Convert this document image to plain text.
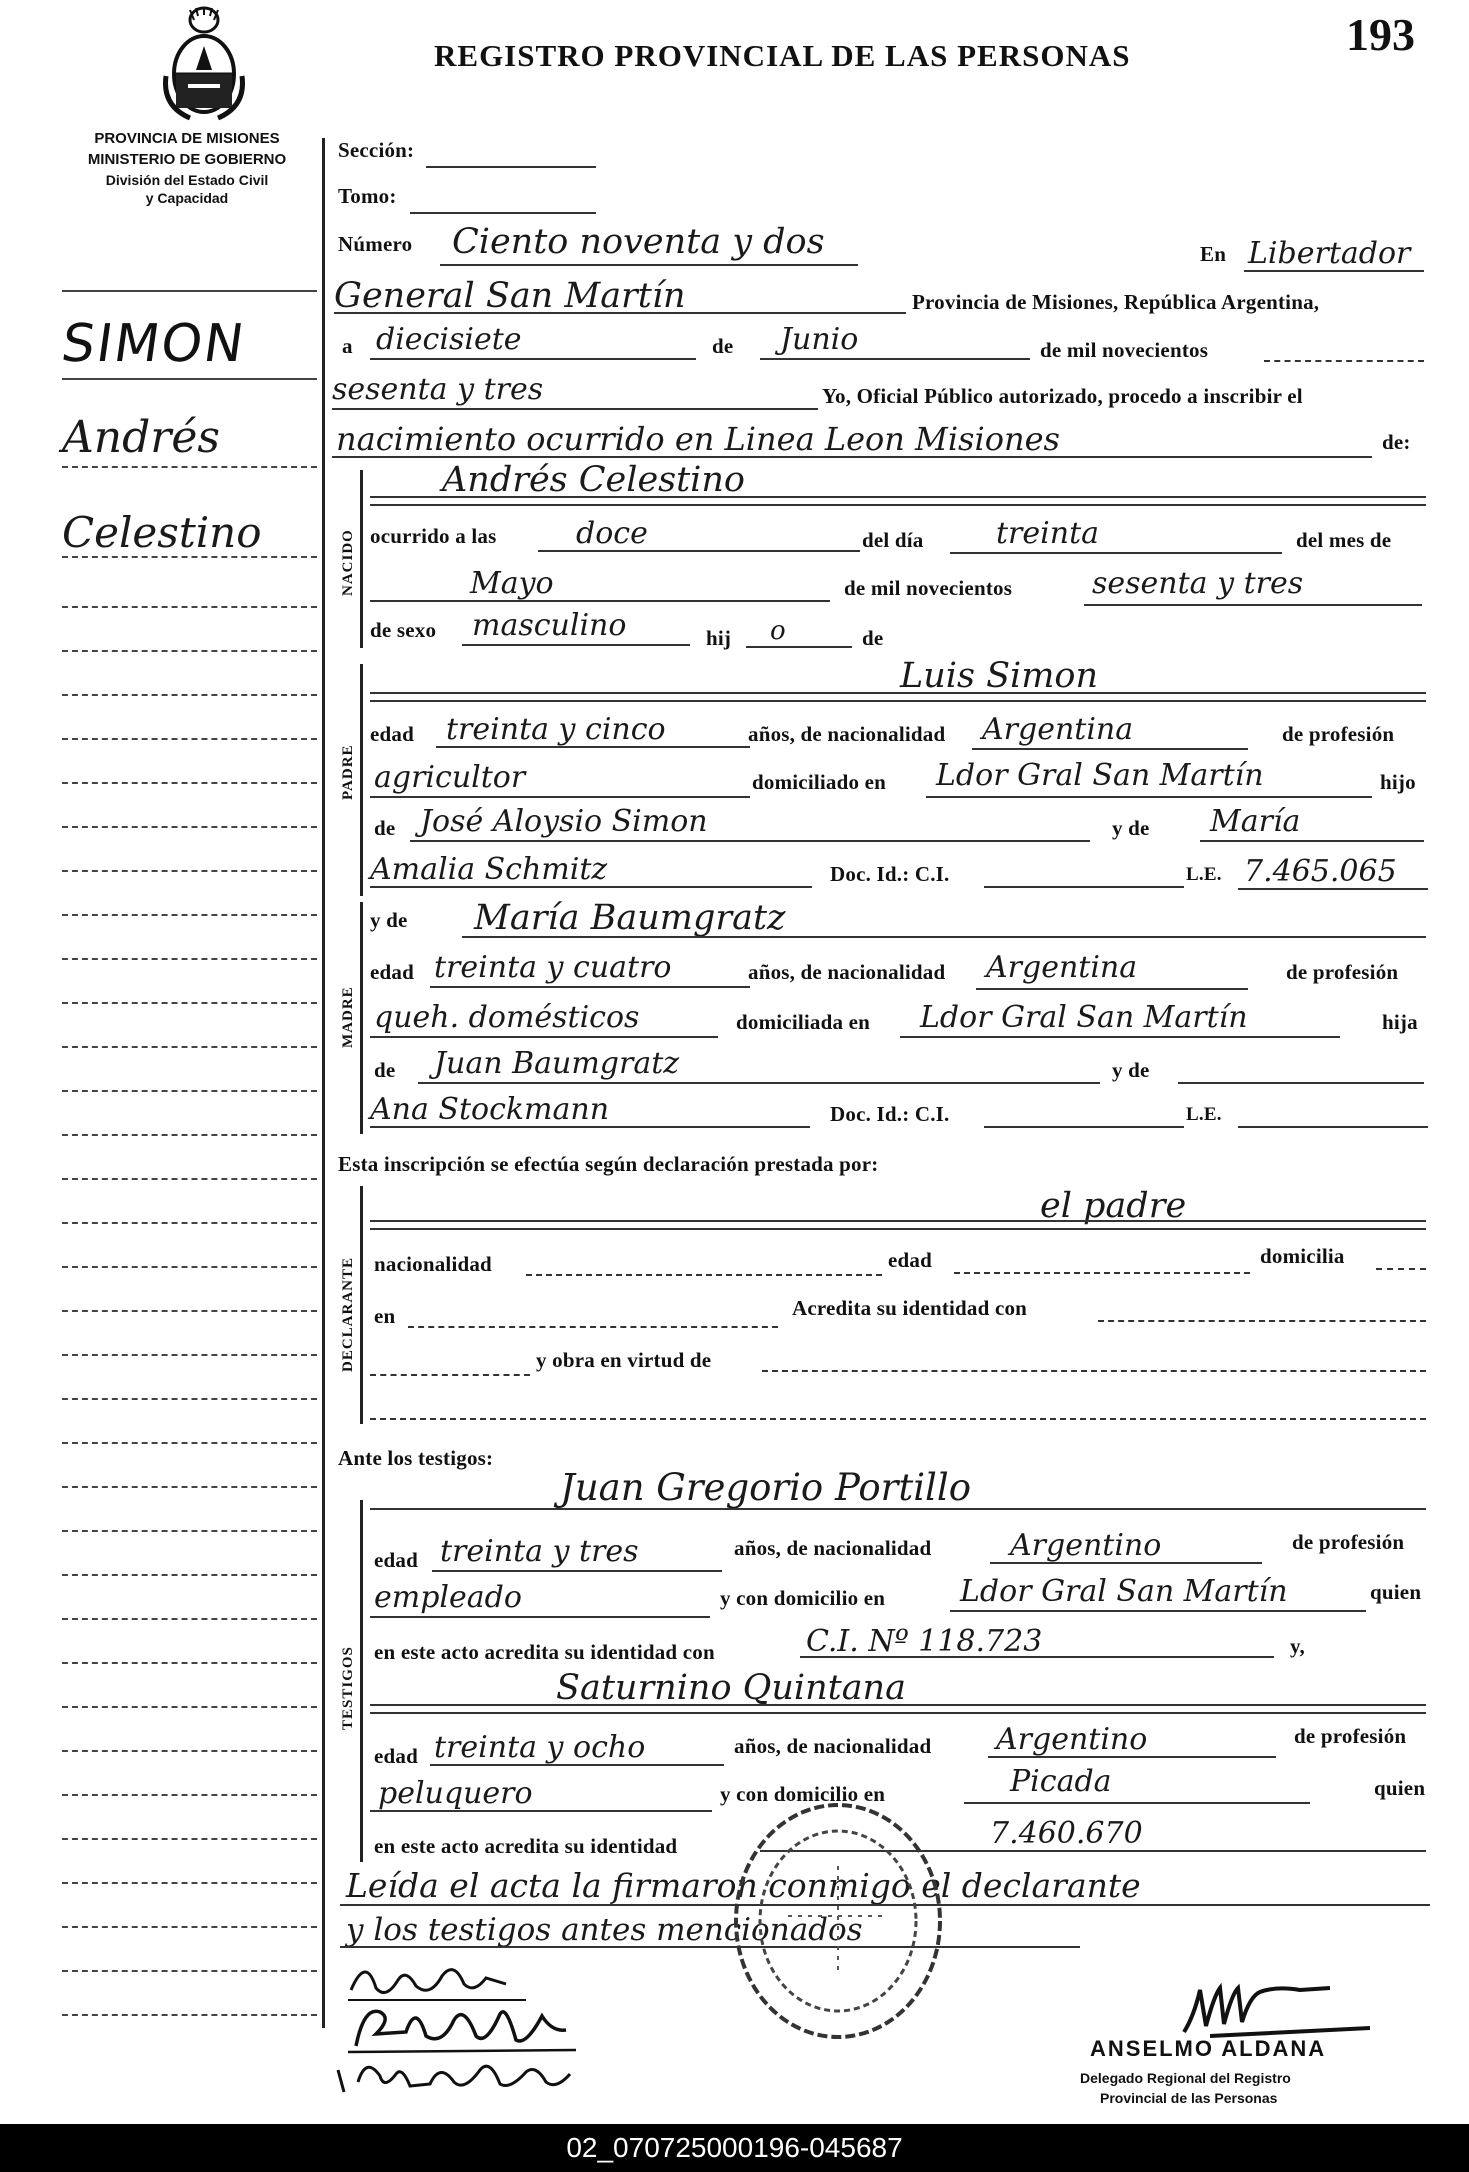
REGISTRO PROVINCIAL DE LAS PERSONAS	193
PROVINCIA DE MISIONES
MINISTERIO DE GOBIERNO
División del Estado Civil
y Capacidad
SIMON
Andrés
Celestino
Sección:
Tomo:
Número Ciento noventa y dos	En Libertador
General San Martín	Provincia de Misiones, República Argentina,
a diecisiete	de Junio	de mil novecientos
sesenta y tres	Yo, Oficial Público autorizado, procedo a inscribir el
nacimiento ocurrido en Linea Leon Misiones	de:
NACIDO
Andrés Celestino
ocurrido a las	doce	del día treinta	del mes de
Mayo	de mil novecientos	sesenta y tres
de sexo masculino	hij o	de
PADRE
Luis Simon
edad treinta y cinco	años, de nacionalidad Argentina	de profesión
agricultor	domiciliado en Ldor Gral San Martín	hijo
de José Aloysio Simon	y de María
Amalia Schmitz	Doc. Id.: C.I.	L.E. 7.465.065
MADRE
y de María Baumgratz
edad treinta y cuatro	años, de nacionalidad Argentina	de profesión
queh. domésticos	domiciliada en Ldor Gral San Martín	hija
de Juan Baumgratz	y de
Ana Stockmann	Doc. Id.: C.I.	L.E.
Esta inscripción se efectúa según declaración prestada por:
DECLARANTE
el padre
nacionalidad	edad	domicilia
en	Acredita su identidad con
y obra en virtud de
Ante los testigos:
TESTIGOS
Juan Gregorio Portillo
edad treinta y tres	años, de nacionalidad	Argentino	de profesión
empleado	y con domicilio en Ldor Gral San Martín	quien
en este acto acredita su identidad con	C.I. Nº 118.723	y,
Saturnino Quintana
edad treinta y ocho	años, de nacionalidad Argentino	de profesión
peluquero	y con domicilio en	Picada	quien
en este acto acredita su identidad	7.460.670
Leída el acta la firmaron conmigo el declarante
y los testigos antes mencionados
ANSELMO ALDANA
Delegado Regional del Registro
Provincial de las Personas
02_070725000196-045687
